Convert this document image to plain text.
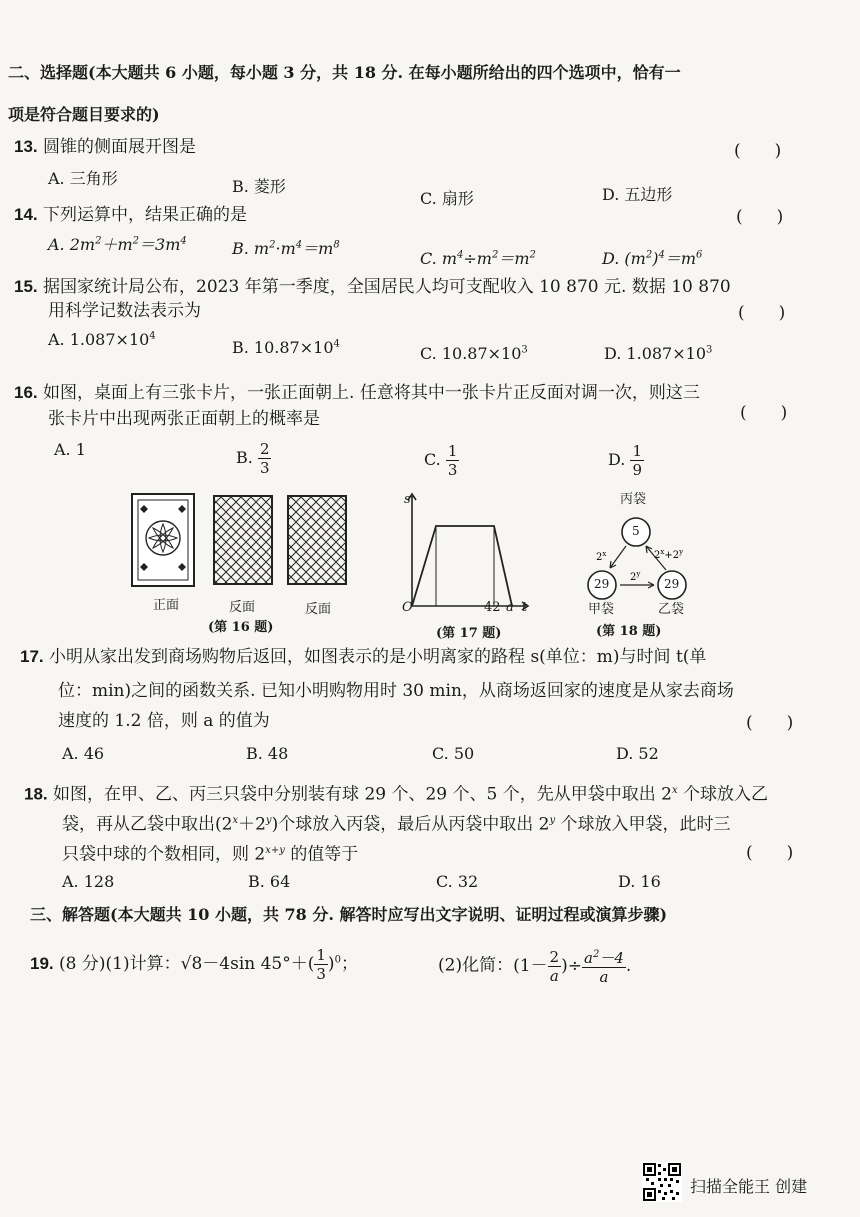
二、选择题(本大题共 6 小题，每小题 3 分，共 18 分. 在每小题所给出的四个选项中，恰有一
项是符合题目要求的)
13. 圆锥的侧面展开图是	(　　)
A. 三角形	B. 菱形
C. 扇形	D. 五边形
14. 下列运算中，结果正确的是	(　　)
A. $2m^2+m^2=3m^4$	B. $m^2\cdot m^4=m^8$
C. $m^4\div m^2=m^2$	D. $(m^2)^4=m^6$
15. 据国家统计局公布，2023 年第一季度，全国居民人均可支配收入 10 870 元. 数据 10 870
用科学记数法表示为	(　　)
A. $1.087\times 10^4$
B. $10.87\times 10^4$	C. $10.87\times 10^3$	D. $1.087\times 10^3$
16. 如图，桌面上有三张卡片，一张正面朝上. 任意将其中一张卡片正反面对调一次，则这三
张卡片中出现两张正面朝上的概率是	(　　)
A. 1	B. $\frac{2}{3}$	C. $\frac{1}{3}$	D. $\frac{1}{9}$
正面	反面	反面
(第 16 题)
s
O	42 a t
(第 17 题)
2$^x$	$2^x+2^y$
2$^y$
丙袋
5
29	29
甲袋	乙袋
(第 18 题)
17. 小明从家出发到商场购物后返回，如图表示的是小明离家的路程 s(单位：m)与时间 t(单
位：min)之间的函数关系. 已知小明购物用时 30 min，从商场返回家的速度是从家去商场
速度的 1.2 倍，则 a 的值为	(　　)
A. 46	B. 48	C. 50	D. 52
18. 如图，在甲、乙、丙三只袋中分别装有球 29 个、29 个、5 个，先从甲袋中取出 2$^x$ 个球放入乙
袋，再从乙袋中取出$(2^x+2^y)$个球放入丙袋，最后从丙袋中取出 2$^y$ 个球放入甲袋，此时三
只袋中球的个数相同，则 $2^{x+y}$ 的值等于	(　　)
A. 128	B. 64	C. 32	D. 16
三、解答题(本大题共 10 小题，共 78 分. 解答时应写出文字说明、证明过程或演算步骤)
19. (8 分)(1)计算：√8－4sin $45^\circ+( \frac{1}{3} )^0$；	(2)化简：($1- \frac{2}{a}$ )÷ $\frac{a^2-4}{a}$ .
扫描全能王 创建
